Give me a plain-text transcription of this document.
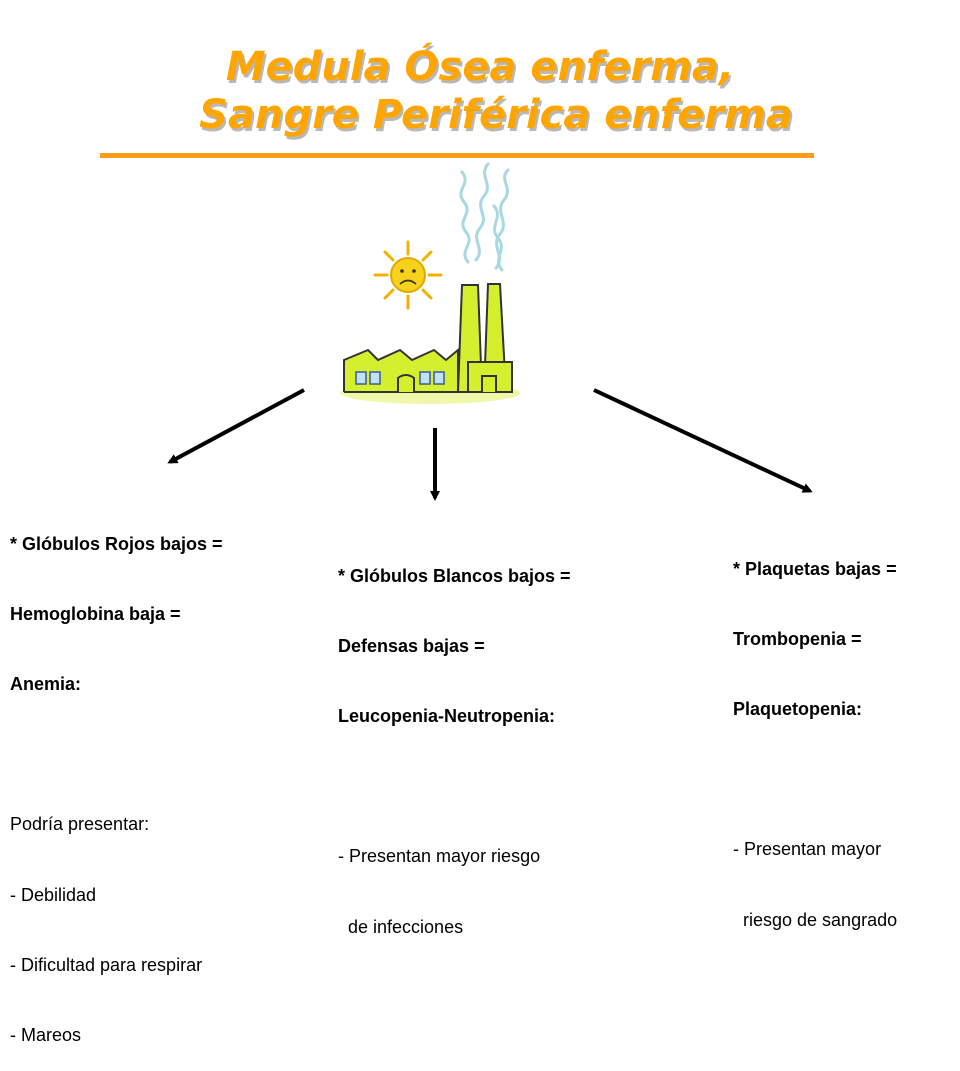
Medula Ósea enferma,
Sangre Periférica enferma

* Glóbulos Rojos bajos =

Hemoglobina baja =

Anemia:

Podría presentar:

- Debilidad

- Dificultad para respirar

- Mareos

* Glóbulos Blancos bajos =

Defensas bajas =

Leucopenia-Neutropenia:

- Presentan mayor riesgo

de infecciones

* Plaquetas bajas =

Trombopenia =

Plaquetopenia:

- Presentan mayor

riesgo de sangrado
